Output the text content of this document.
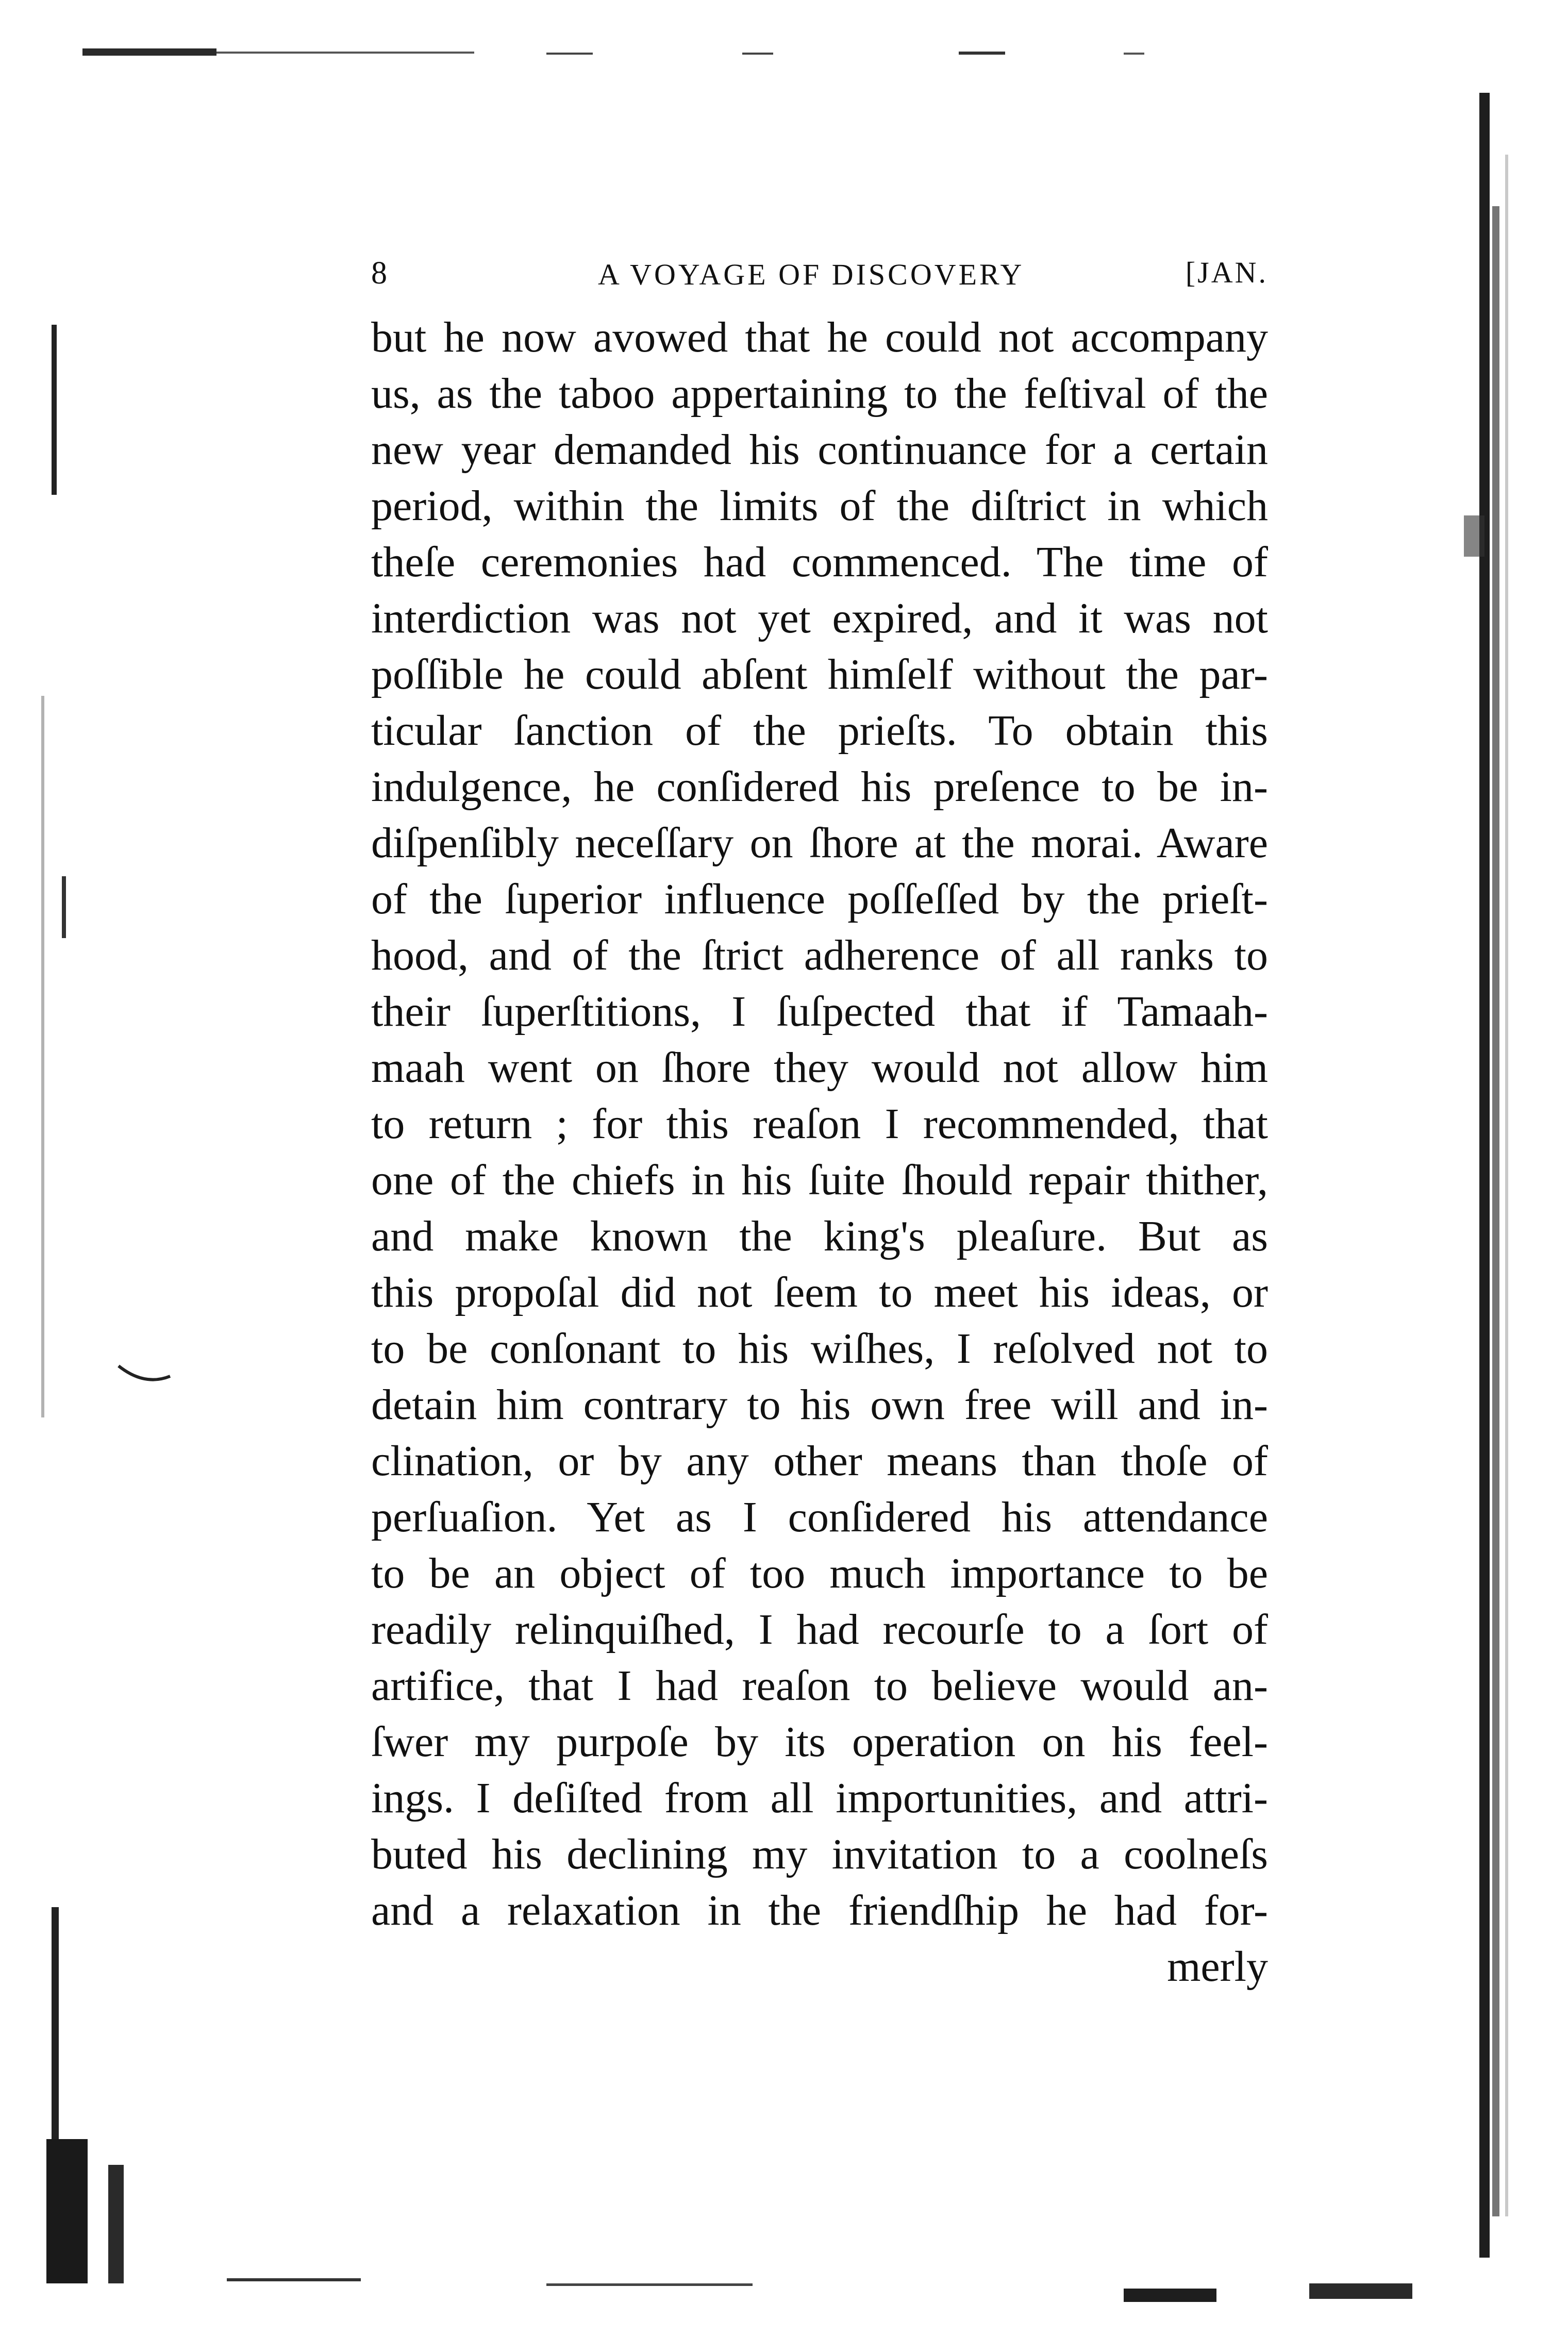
8	A VOYAGE OF DISCOVERY	[JAN.
but he now avowed that he could not accompany
us, as the taboo appertaining to the feſtival of the
new year demanded his continuance for a certain
period, within the limits of the diſtrict in which
theſe ceremonies had commenced. The time of
interdiction was not yet expired, and it was not
poſſible he could abſent himſelf without the par-
ticular ſanction of the prieſts. To obtain this
indulgence, he conſidered his preſence to be in-
diſpenſibly neceſſary on ſhore at the morai. Aware
of the ſuperior influence poſſeſſed by the prieſt-
hood, and of the ſtrict adherence of all ranks to
their ſuperſtitions, I ſuſpected that if Tamaah-
maah went on ſhore they would not allow him
to return ; for this reaſon I recommended, that
one of the chiefs in his ſuite ſhould repair thither,
and make known the king's pleaſure. But as
this propoſal did not ſeem to meet his ideas, or
to be conſonant to his wiſhes, I reſolved not to
detain him contrary to his own free will and in-
clination, or by any other means than thoſe of
perſuaſion. Yet as I conſidered his attendance
to be an object of too much importance to be
readily relinquiſhed, I had recourſe to a ſort of
artifice, that I had reaſon to believe would an-
ſwer my purpoſe by its operation on his feel-
ings. I deſiſted from all importunities, and attri-
buted his declining my invitation to a coolneſs
and a relaxation in the friendſhip he had for-
merly
